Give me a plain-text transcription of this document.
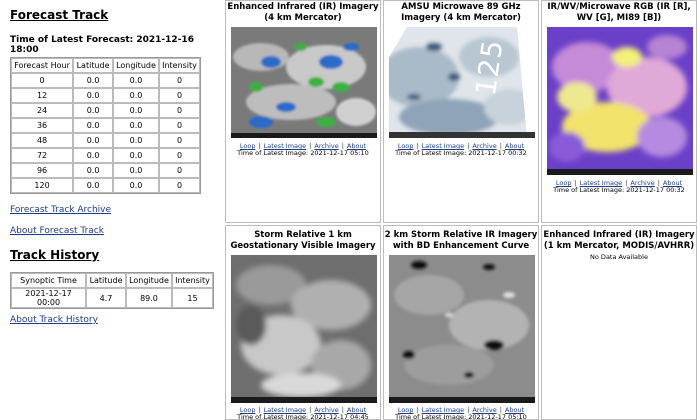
Forecast Track
Time of Latest Forecast: 2021-12-16 18:00
Forecast Hour	Latitude	Longitude	Intensity
0	0.0	0.0	0
12	0.0	0.0	0
24	0.0	0.0	0
36	0.0	0.0	0
48	0.0	0.0	0
72	0.0	0.0	0
96	0.0	0.0	0
120	0.0	0.0	0
Forecast Track Archive
About Forecast Track
Track History
Synoptic Time	Latitude	Longitude	Intensity
2021-12-17 00:00	4.7	89.0	15
About Track History
Enhanced Infrared (IR) Imagery (4 km Mercator)
Loop | Latest Image | Archive | About
Time of Latest Image: 2021-12-17 05:10
AMSU Microwave 89 GHz Imagery (4 km Mercator)
125
Loop | Latest Image | Archive | About
Time of Latest Image: 2021-12-17 00:32
IR/WV/Microwave RGB (IR [R], WV [G], MI89 [B])
Loop | Latest Image | Archive | About
Time of Latest Image: 2021-12-17 00:32
Storm Relative 1 km Geostationary Visible Imagery
Loop | Latest Image | Archive | About
Time of Latest Image: 2021-12-17 04:45
2 km Storm Relative IR Imagery with BD Enhancement Curve
Loop | Latest Image | Archive | About
Time of Latest Image: 2021-12-17 05:10
Enhanced Infrared (IR) Imagery (1 km Mercator, MODIS/AVHRR)
No Data Available
